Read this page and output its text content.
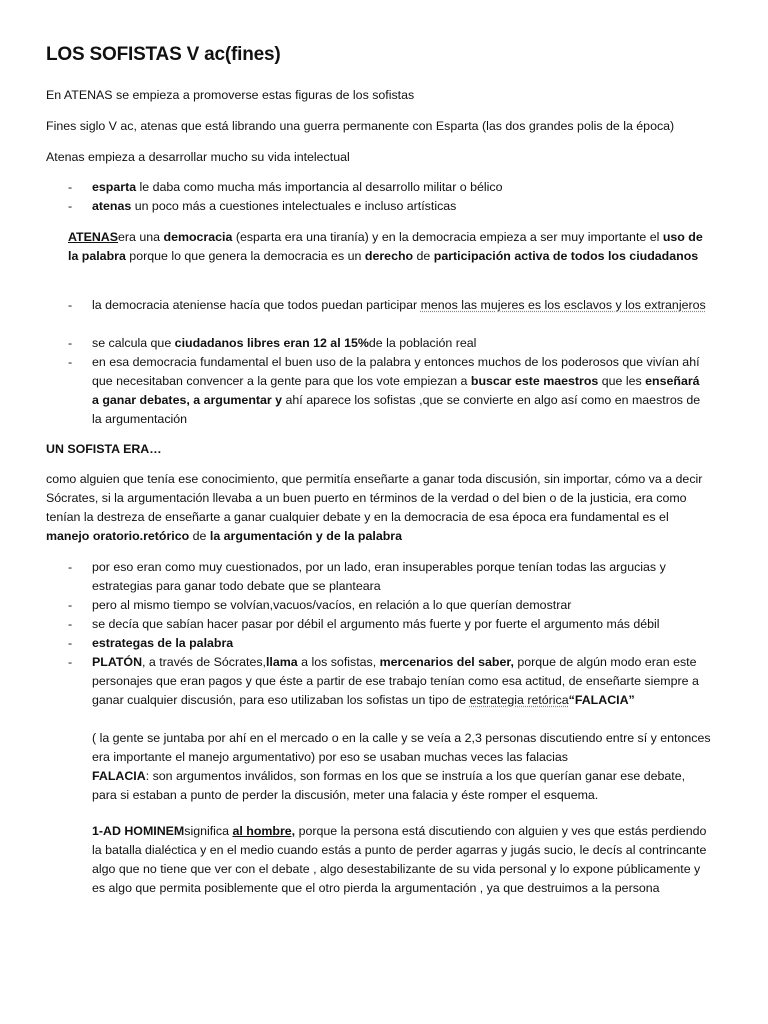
LOS SOFISTAS V ac(fines)
En ATENAS se empieza a promoverse estas figuras de los sofistas
Fines siglo V ac, atenas que está librando una guerra permanente con Esparta (las dos grandes polis de la época)
Atenas empieza a desarrollar mucho su vida intelectual
- esparta le daba como mucha más importancia al desarrollo militar o bélico
- atenas un poco más a cuestiones intelectuales e incluso artísticas
ATENASera una democracia (esparta era una tiranía) y en la democracia empieza a ser muy importante el uso de la palabra porque lo que genera la democracia es un derecho de participación activa de todos los ciudadanos
- la democracia ateniense hacía que todos puedan participar menos las mujeres es los esclavos y los extranjeros
- se calcula que ciudadanos libres eran 12 al 15%de la población real
- en esa democracia fundamental el buen uso de la palabra y entonces muchos de los poderosos que vivían ahí que necesitaban convencer a la gente para que los vote empiezan a buscar este maestros que les enseñará a ganar debates, a argumentar y ahí aparece los sofistas ,que se convierte en algo así como en maestros de la argumentación
UN SOFISTA ERA…
como alguien que tenía ese conocimiento, que permitía enseñarte a ganar toda discusión, sin importar, cómo va a decir Sócrates, si la argumentación llevaba a un buen puerto en términos de la verdad o del bien o de la justicia, era como tenían la destreza de enseñarte a ganar cualquier debate y en la democracia de esa época era fundamental es el manejo oratorio.retórico de la argumentación y de la palabra
- por eso eran como muy cuestionados, por un lado, eran insuperables porque tenían todas las argucias y estrategias para ganar todo debate que se planteara
- pero al mismo tiempo se volvían,vacuos/vacíos, en relación a lo que querían demostrar
- se decía que sabían hacer pasar por débil el argumento más fuerte y por fuerte el argumento más débil
- estrategas de la palabra
- PLATÓN, a través de Sócrates,llama a los sofistas, mercenarios del saber, porque de algún modo eran este personajes que eran pagos y que éste a partir de ese trabajo tenían como esa actitud, de enseñarte siempre a ganar cualquier discusión, para eso utilizaban los sofistas un tipo de estrategia retórica“FALACIA”
( la gente se juntaba por ahí en el mercado o en la calle y se veía a 2,3 personas discutiendo entre sí y entonces era importante el manejo argumentativo) por eso se usaban muchas veces las falacias
FALACIA: son argumentos inválidos, son formas en los que se instruía a los que querían ganar ese debate, para si estaban a punto de perder la discusión, meter una falacia y éste romper el esquema.
1-AD HOMINEMsignifica al hombre, porque la persona está discutiendo con alguien y ves que estás perdiendo la batalla dialéctica y en el medio cuando estás a punto de perder agarras y jugás sucio, le decís al contrincante algo que no tiene que ver con el debate , algo desestabilizante de su vida personal y lo expone públicamente y es algo que permita posiblemente que el otro pierda la argumentación , ya que destruimos a la persona
